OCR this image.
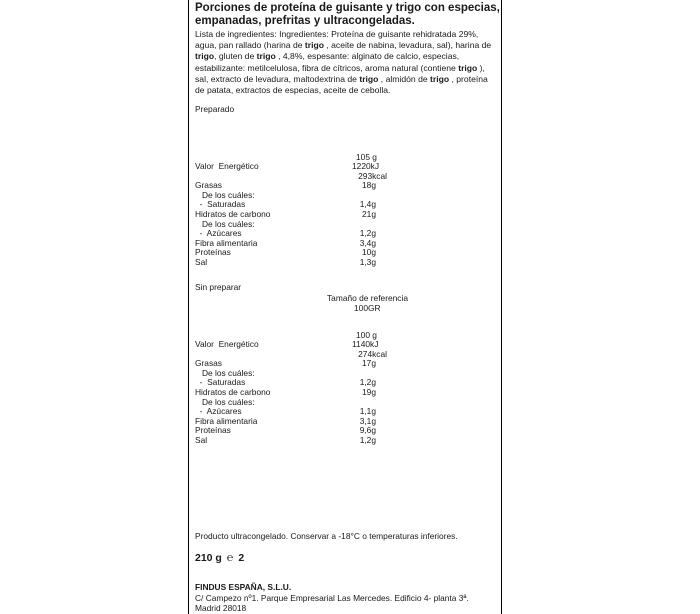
Porciones de proteína de guisante y trigo con especias,
empanadas, prefritas y ultracongeladas.
Lista de ingredientes: Ingredientes: Proteína de guisante rehidratada 29%, agua, pan rallado (harina de trigo , aceite de nabina, levadura, sal), harina de trigo, gluten de trigo , 4,8%, espesante: alginato de calcio, especias, estabilizante: metilcelulosa, fibra de cítricos, aroma natural (contiene trigo ), sal, extracto de levadura, maltodextrina de trigo , almidón de trigo , proteína de patata, extractos de especias, aceite de cebolla.
Preparado
105 g
Valor  Energético	1220kJ
293kcal
Grasas	18g
De los cuáles:
-  Saturadas	1,4g
Hidratos de carbono	21g
De los cuáles:
-  Azúcares	1,2g
Fibra alimentaria	3,4g
Proteínas	10g
Sal	1,3g
Sin preparar
Tamaño de referencia
100GR
100 g
Valor  Energético	1140kJ
274kcal
Grasas	17g
De los cuáles:
-  Saturadas	1,2g
Hidratos de carbono	19g
De los cuáles:
-  Azúcares	1,1g
Fibra alimentaria	3,1g
Proteínas	9,6g
Sal	1,2g
Producto ultracongelado. Conservar a -18°C o temperaturas inferiores.
210 g ℮ 2
FINDUS ESPAÑA, S.L.U.
C/ Campezo nº1. Parque Empresarial Las Mercedes. Edificio 4- planta 3ª.
Madrid 28018
